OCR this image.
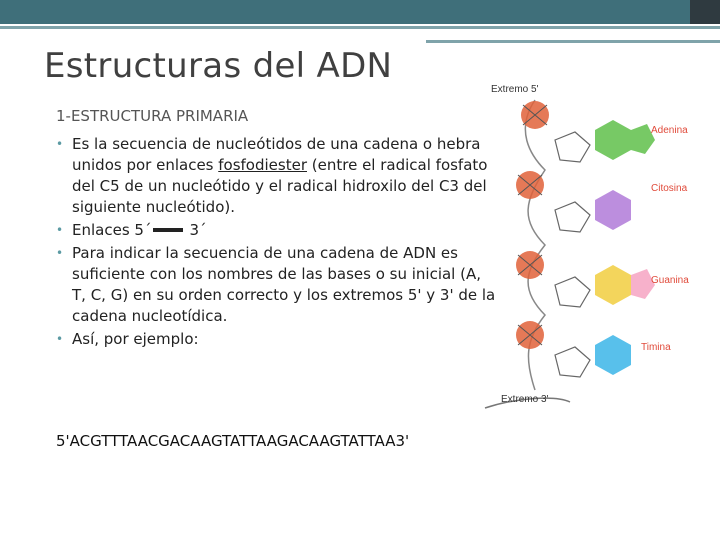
Estructuras del ADN
1-ESTRUCTURA PRIMARIA
• Es la secuencia de nucleótidos de una cadena o hebra unidos por enlaces fosfodiester (entre el radical fosfato del C5 de un nucleótido y el radical hidroxilo del C3 del siguiente nucleótido).
• Enlaces 5´	3´
• Para indicar la secuencia de una cadena de ADN es suficiente con los nombres de las bases o su inicial (A, T, C, G) en su orden correcto y los extremos 5' y 3' de la cadena nucleotídica.
• Así, por ejemplo:
5'ACGTTTAACGACAAGTATTAAGACAAGTATTAA3'
Extremo 5'
Adenina
Citosina
Guanina
Timina
Extremo 3'
